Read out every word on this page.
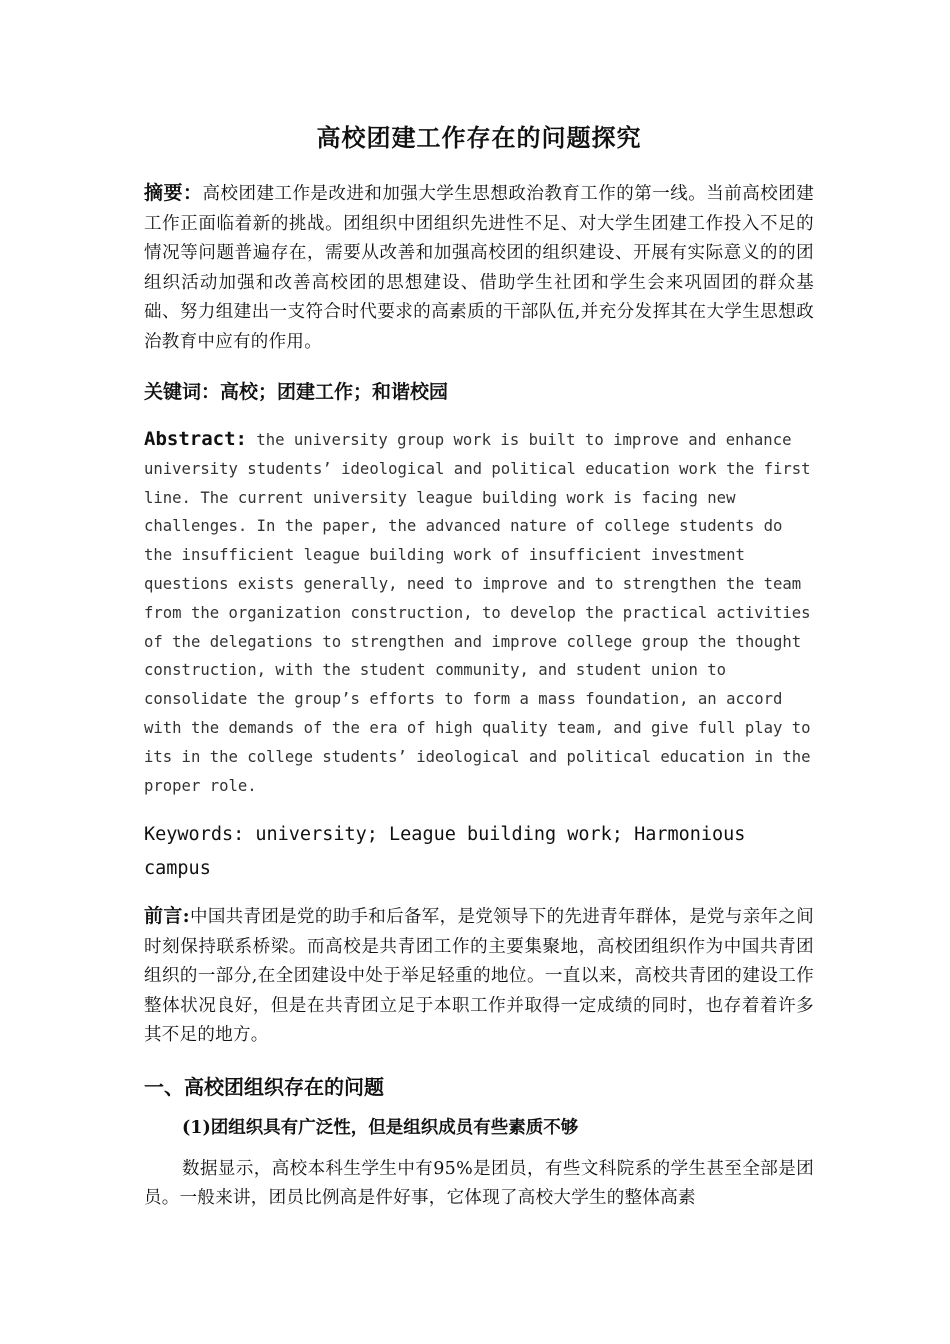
高校团建工作存在的问题探究

摘要：高校团建工作是改进和加强大学生思想政治教育工作的第一线。当前高校团建工作正面临着新的挑战。团组织中团组织先进性不足、对大学生团建工作投入不足的情况等问题普遍存在，需要从改善和加强高校团的组织建设、开展有实际意义的的团组织活动加强和改善高校团的思想建设、借助学生社团和学生会来巩固团的群众基础、努力组建出一支符合时代要求的高素质的干部队伍,并充分发挥其在大学生思想政治教育中应有的作用。

关键词：高校；团建工作；和谐校园

Abstract: the university group work is built to improve and enhance university students’ ideological and political education work the first line. The current university league building work is facing new challenges. In the paper, the advanced nature of college students do the insufficient league building work of insufficient investment questions exists generally, need to improve and to strengthen the team from the organization construction, to develop the practical activities of the delegations to strengthen and improve college group the thought construction, with the student community, and student union to consolidate the group’s efforts to form a mass foundation, an accord with the demands of the era of high quality team, and give full play to its in the college students’ ideological and political education in the proper role.

Keywords: university; League building work; Harmonious campus

前言:中国共青团是党的助手和后备军，是党领导下的先进青年群体，是党与亲年之间时刻保持联系桥梁。而高校是共青团工作的主要集聚地，高校团组织作为中国共青团组织的一部分,在全团建设中处于举足轻重的地位。一直以来，高校共青团的建设工作整体状况良好，但是在共青团立足于本职工作并取得一定成绩的同时，也存着着许多其不足的地方。

一、高校团组织存在的问题
(1)团组织具有广泛性，但是组织成员有些素质不够

数据显示，高校本科生学生中有95%是团员，有些文科院系的学生甚至全部是团员。一般来讲，团员比例高是件好事，它体现了高校大学生的整体高素
